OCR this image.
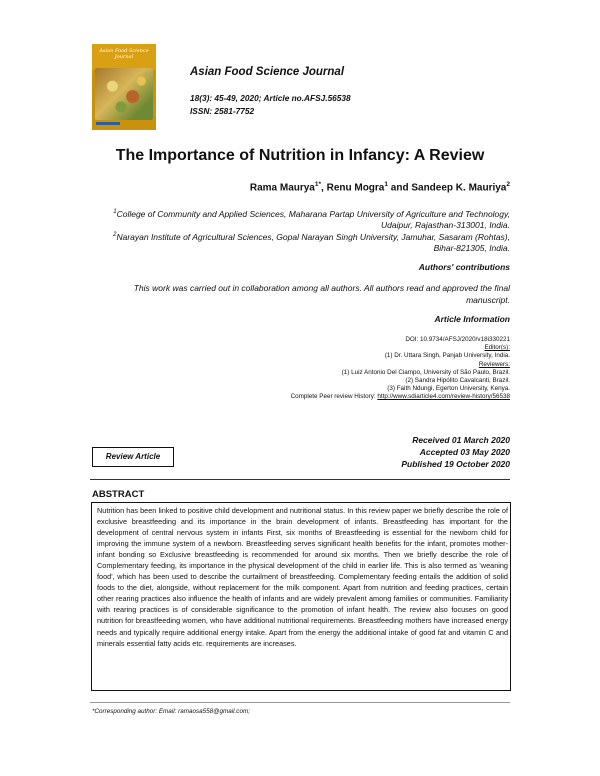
Asian Food Science Journal
Asian Food Science Journal
18(3): 45-49, 2020; Article no.AFSJ.56538
ISSN: 2581-7752
The Importance of Nutrition in Infancy: A Review
Rama Maurya$^{1*}$, Renu Mogra$^1$ and Sandeep K. Mauriya$^2$
$^1$College of Community and Applied Sciences, Maharana Partap University of Agriculture and Technology, Udaipur, Rajasthan-313001, India.
$^2$Narayan Institute of Agricultural Sciences, Gopal Narayan Singh University, Jamuhar, Sasaram (Rohtas), Bihar-821305, India.
Authors' contributions
This work was carried out in collaboration among all authors. All authors read and approved the final manuscript.
Article Information
DOI: 10.9734/AFSJ/2020/v18i330221
Editor(s):
(1) Dr. Uttara Singh, Panjab University, India.
Reviewers:
(1) Luiz Antonio Del Ciampo, University of São Paulo, Brazil.
(2) Sandra Hipólito Cavalcanti, Brazil.
(3) Faith Ndungi, Egerton University, Kenya.
Complete Peer review History: http://www.sdiarticle4.com/review-history/56538
Review Article
Received 01 March 2020
Accepted 03 May 2020
Published 19 October 2020
ABSTRACT
Nutrition has been linked to positive child development and nutritional status. In this review paper we briefly describe the role of exclusive breastfeeding and its importance in the brain development of infants. Breastfeeding has important for the development of central nervous system in infants First, six months of Breastfeeding is essential for the newborn child for improving the immune system of a newborn. Breastfeeding serves significant health benefits for the infant, promotes mother-infant bonding so Exclusive breastfeeding is recommended for around six months. Then we briefly describe the role of Complementary feeding, its importance in the physical development of the child in earlier life. This is also termed as 'weaning food', which has been used to describe the curtailment of breastfeeding. Complementary feeding entails the addition of solid foods to the diet, alongside, without replacement for the milk component. Apart from nutrition and feeding practices, certain other rearing practices also influence the health of infants and are widely prevalent among families or communities. Familiarity with rearing practices is of considerable significance to the promotion of infant health. The review also focuses on good nutrition for breastfeeding women, who have additional nutritional requirements. Breastfeeding mothers have increased energy needs and typically require additional energy intake. Apart from the energy the additional intake of good fat and vitamin C and minerals essential fatty acids etc. requirements are increases.
*Corresponding author: Email: ramaosa558@gmail.com;
